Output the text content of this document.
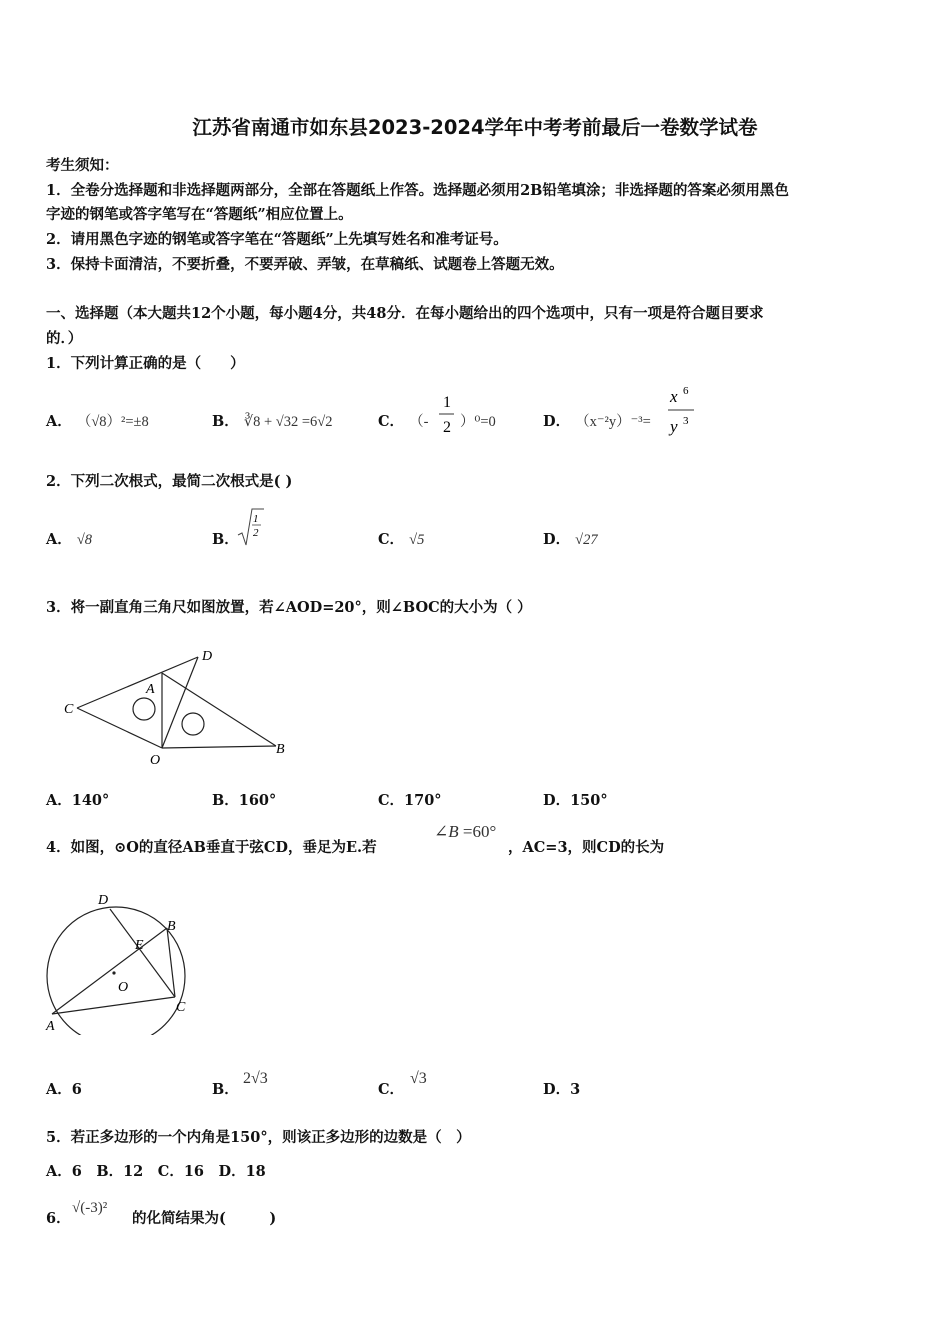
江苏省南通市如东县2023-2024学年中考考前最后一卷数学试卷
考生须知：
1．全卷分选择题和非选择题两部分，全部在答题纸上作答。选择题必须用2B铅笔填涂；非选择题的答案必须用黑色
字迹的钢笔或答字笔写在“答题纸”相应位置上。
2．请用黑色字迹的钢笔或答字笔在“答题纸”上先填写姓名和准考证号。
3．保持卡面清洁，不要折叠，不要弄破、弄皱，在草稿纸、试题卷上答题无效。
一、选择题（本大题共12个小题，每小题4分，共48分．在每小题给出的四个选项中，只有一项是符合题目要求
的．）
1．下列计算正确的是（　　）
A． （√8）²=±8	B． ∛8 + √32 =6√2	C． （-
1
2 ）⁰=0	D． （x⁻²y）⁻³=
x 6
y 3
2．下列二次根式，最简二次根式是( )
A． √8	B．
1
2	C． √5	D． √27
3．将一副直角三角尺如图放置，若∠AOD=20°，则∠BOC的大小为（ ）
C
D
A
O
B
A．140°	B．160°	C．170°	D．150°
4．如图，⊙O的直径AB垂直于弦CD，垂足为E.若
∠B =60°
，AC=3，则CD的长为
D
B
E
O
C
A
A．6	B．
2√3
C．
√3
D．3
5．若正多边形的一个内角是150°，则该正多边形的边数是（　）
A．6　B．12　C．16　D．18
6．
√(-3)²
的化简结果为(　　　)
